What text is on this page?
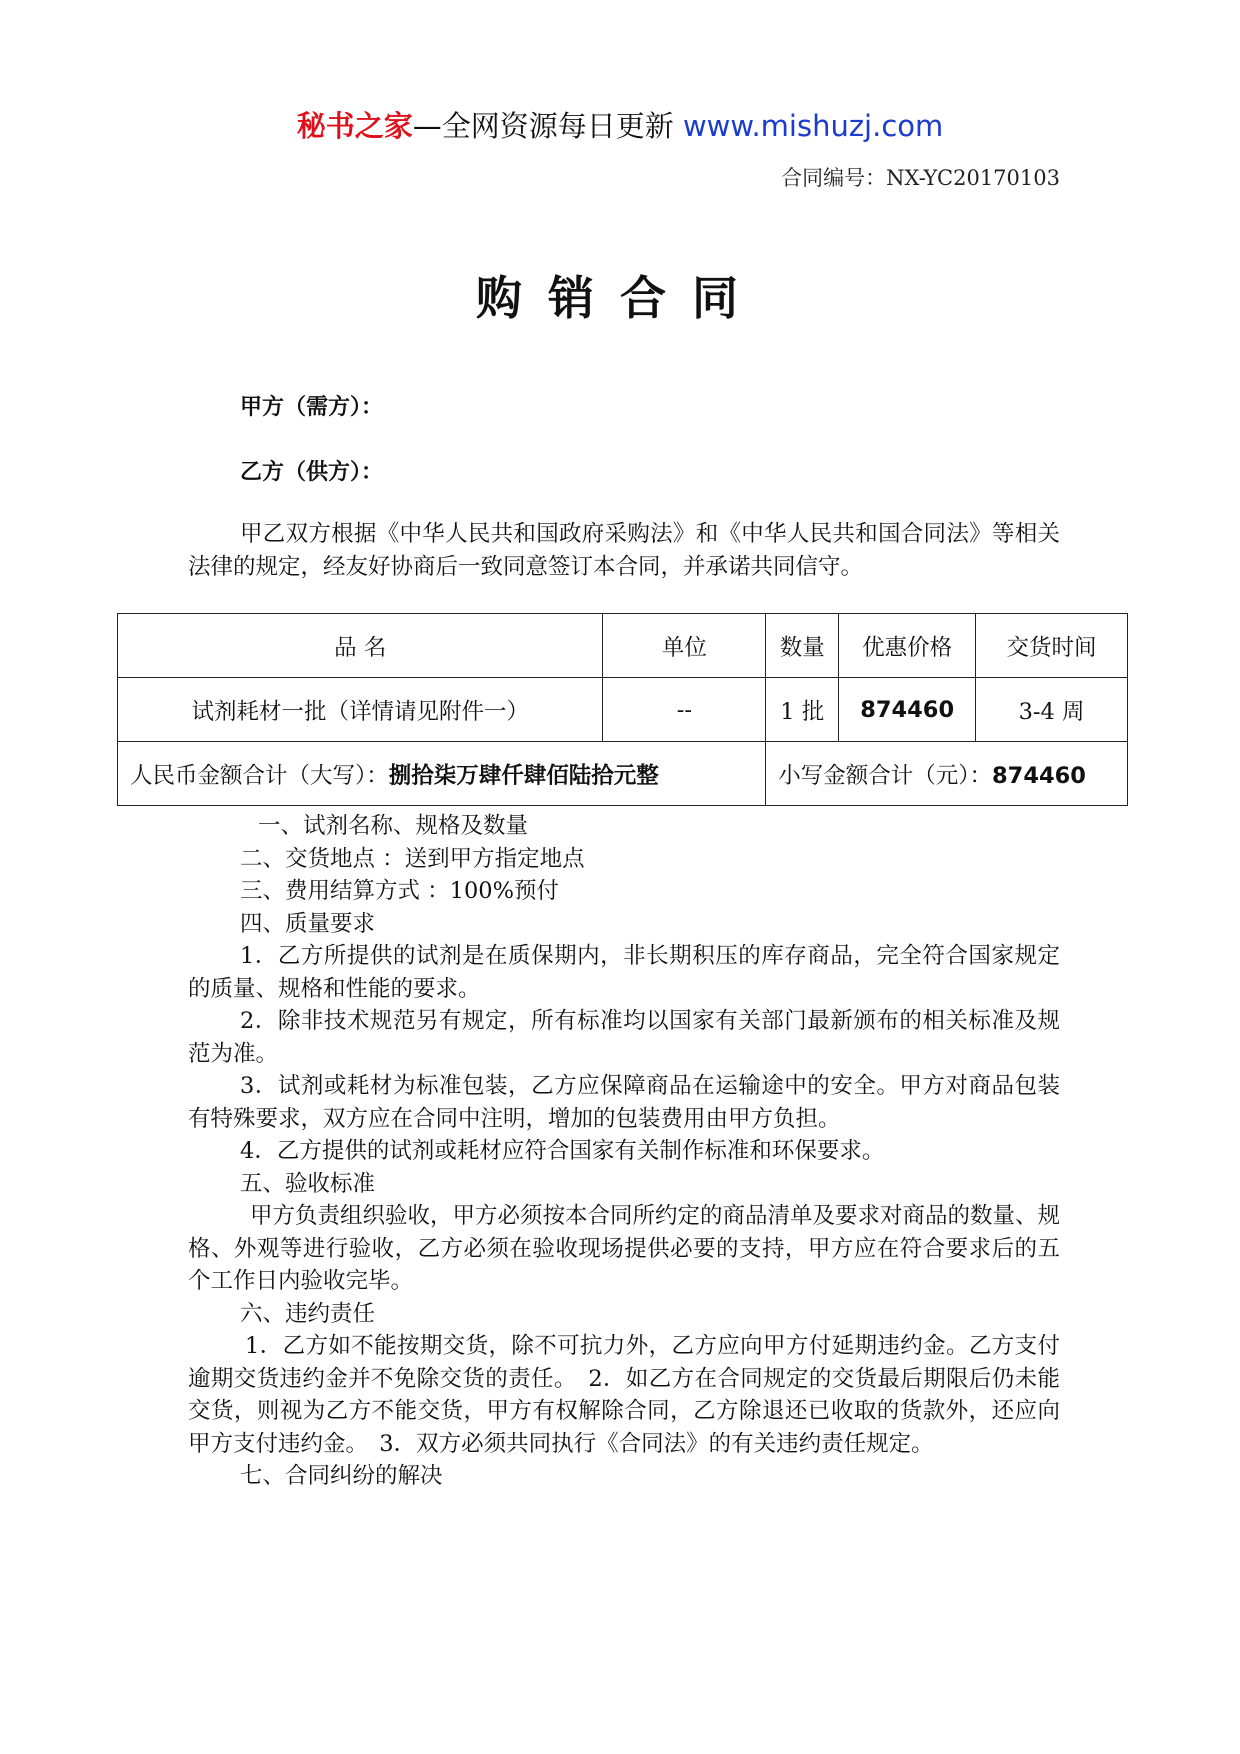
秘书之家—全网资源每日更新 www.mishuzj.com
合同编号：NX-YC20170103
购销合同
甲方（需方）：
乙方（供方）：
甲乙双方根据《中华人民共和国政府采购法》和《中华人民共和国合同法》等相关法律的规定，经友好协商后一致同意签订本合同，并承诺共同信守。
品 名	单位	数量	优惠价格	交货时间
试剂耗材一批（详情请见附件一）	--	1 批	874460	3-4 周
人民币金额合计（大写）：捌拾柒万肆仟肆佰陆拾元整		小写金额合计（元）：874460		

一、试剂名称、规格及数量

二、交货地点 ：送到甲方指定地点

三、费用结算方式 ：100%预付

四、质量要求

1．乙方所提供的试剂是在质保期内，非长期积压的库存商品，完全符合国家规定的质量、规格和性能的要求。

2．除非技术规范另有规定，所有标准均以国家有关部门最新颁布的相关标准及规范为准。

3．试剂或耗材为标准包装，乙方应保障商品在运输途中的安全。甲方对商品包装有特殊要求，双方应在合同中注明，增加的包装费用由甲方负担。

4．乙方提供的试剂或耗材应符合国家有关制作标准和环保要求。

五、验收标准

甲方负责组织验收，甲方必须按本合同所约定的商品清单及要求对商品的数量、规格、外观等进行验收，乙方必须在验收现场提供必要的支持，甲方应在符合要求后的五个工作日内验收完毕。

六、违约责任

1．乙方如不能按期交货，除不可抗力外，乙方应向甲方付延期违约金。乙方支付逾期交货违约金并不免除交货的责任。　2．如乙方在合同规定的交货最后期限后仍未能交货，则视为乙方不能交货，甲方有权解除合同，乙方除退还已收取的货款外，还应向甲方支付违约金。　3．双方必须共同执行《合同法》的有关违约责任规定。

七、合同纠纷的解决
